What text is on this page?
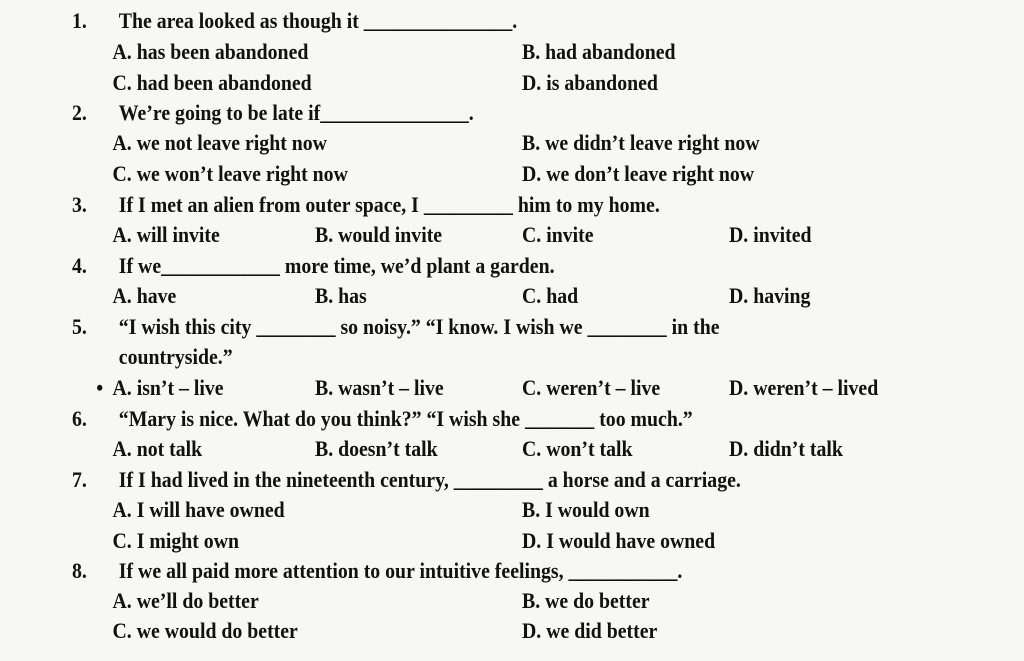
1. The area looked as though it _______________.
A. has been abandoned	B. had abandoned
C. had been abandoned	D. is abandoned
2. We’re going to be late if_______________.
A. we not leave right now	B. we didn’t leave right now
C. we won’t leave right now	D. we don’t leave right now
3. If I met an alien from outer space, I _________ him to my home.
A. will invite	B. would invite	C. invite	D. invited
4. If we____________ more time, we’d plant a garden.
A. have	B. has	C. had	D. having
5. “I wish this city ________ so noisy.” “I know. I wish we ________ in the
countryside.”
• A. isn’t – live	B. wasn’t – live	C. weren’t – live	D. weren’t – lived
6. “Mary is nice. What do you think?” “I wish she _______ too much.”
A. not talk	B. doesn’t talk	C. won’t talk	D. didn’t talk
7. If I had lived in the nineteenth century, _________ a horse and a carriage.
A. I will have owned	B. I would own
C. I might own	D. I would have owned
8. If we all paid more attention to our intuitive feelings, ___________.
A. we’ll do better	B. we do better
C. we would do better	D. we did better
